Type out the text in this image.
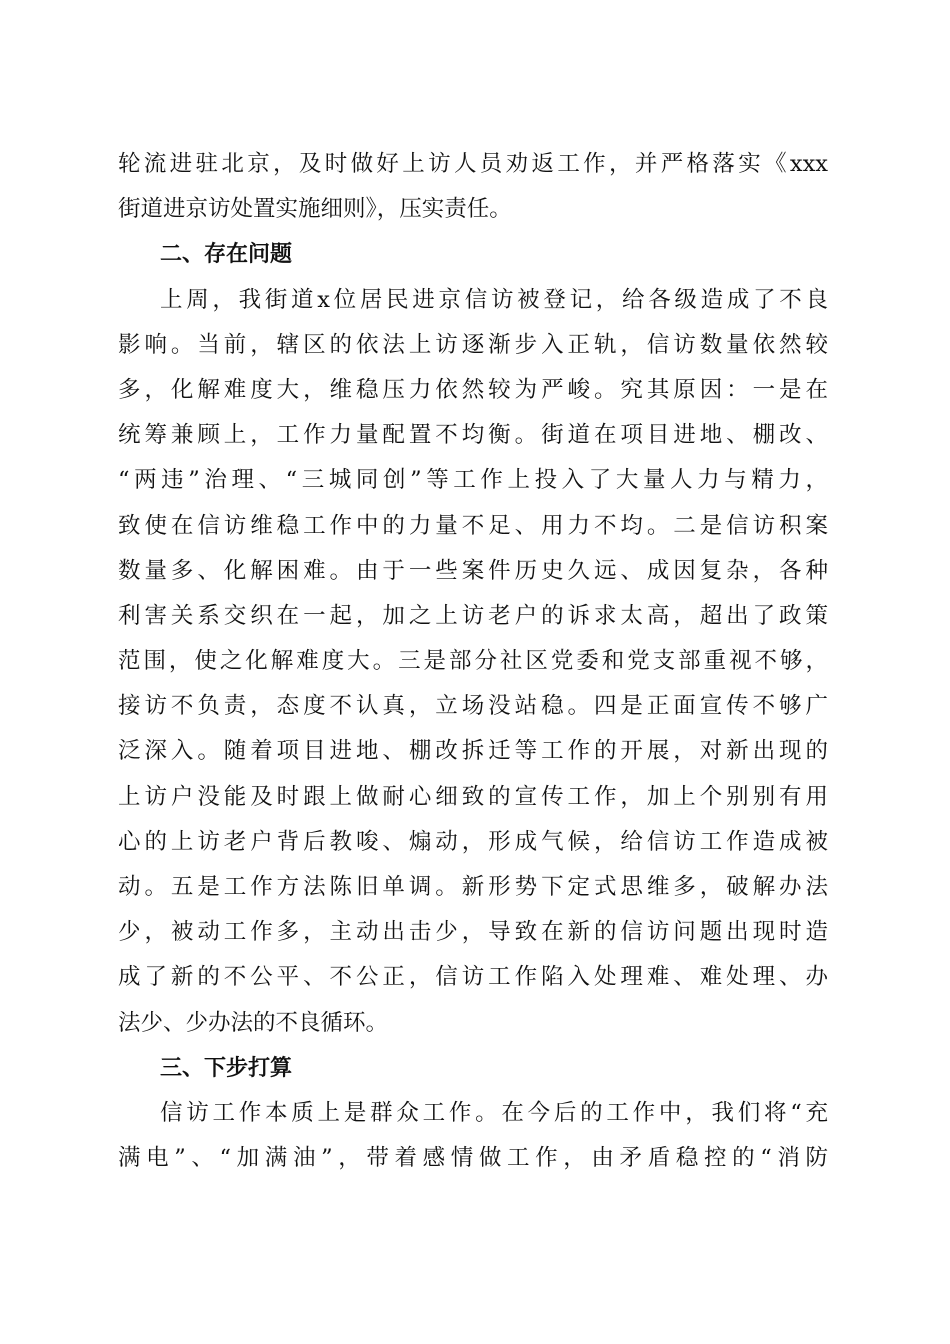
轮流进驻北京，及时做好上访人员劝返工作，并严格落实《xxx
街道进京访处置实施细则》，压实责任。
二、存在问题
上周，我街道x位居民进京信访被登记，给各级造成了不良
影响。当前，辖区的依法上访逐渐步入正轨，信访数量依然较
多，化解难度大，维稳压力依然较为严峻。究其原因：一是在
统筹兼顾上，工作力量配置不均衡。街道在项目进地、棚改、
“两违”治理、“三城同创”等工作上投入了大量人力与精力，
致使在信访维稳工作中的力量不足、用力不均。二是信访积案
数量多、化解困难。由于一些案件历史久远、成因复杂，各种
利害关系交织在一起，加之上访老户的诉求太高，超出了政策
范围，使之化解难度大。三是部分社区党委和党支部重视不够，
接访不负责，态度不认真，立场没站稳。四是正面宣传不够广
泛深入。随着项目进地、棚改拆迁等工作的开展，对新出现的
上访户没能及时跟上做耐心细致的宣传工作，加上个别别有用
心的上访老户背后教唆、煽动，形成气候，给信访工作造成被
动。五是工作方法陈旧单调。新形势下定式思维多，破解办法
少，被动工作多，主动出击少，导致在新的信访问题出现时造
成了新的不公平、不公正，信访工作陷入处理难、难处理、办
法少、少办法的不良循环。
三、下步打算
信访工作本质上是群众工作。在今后的工作中，我们将“充
满电”、“加满油”，带着感情做工作，由矛盾稳控的“消防
